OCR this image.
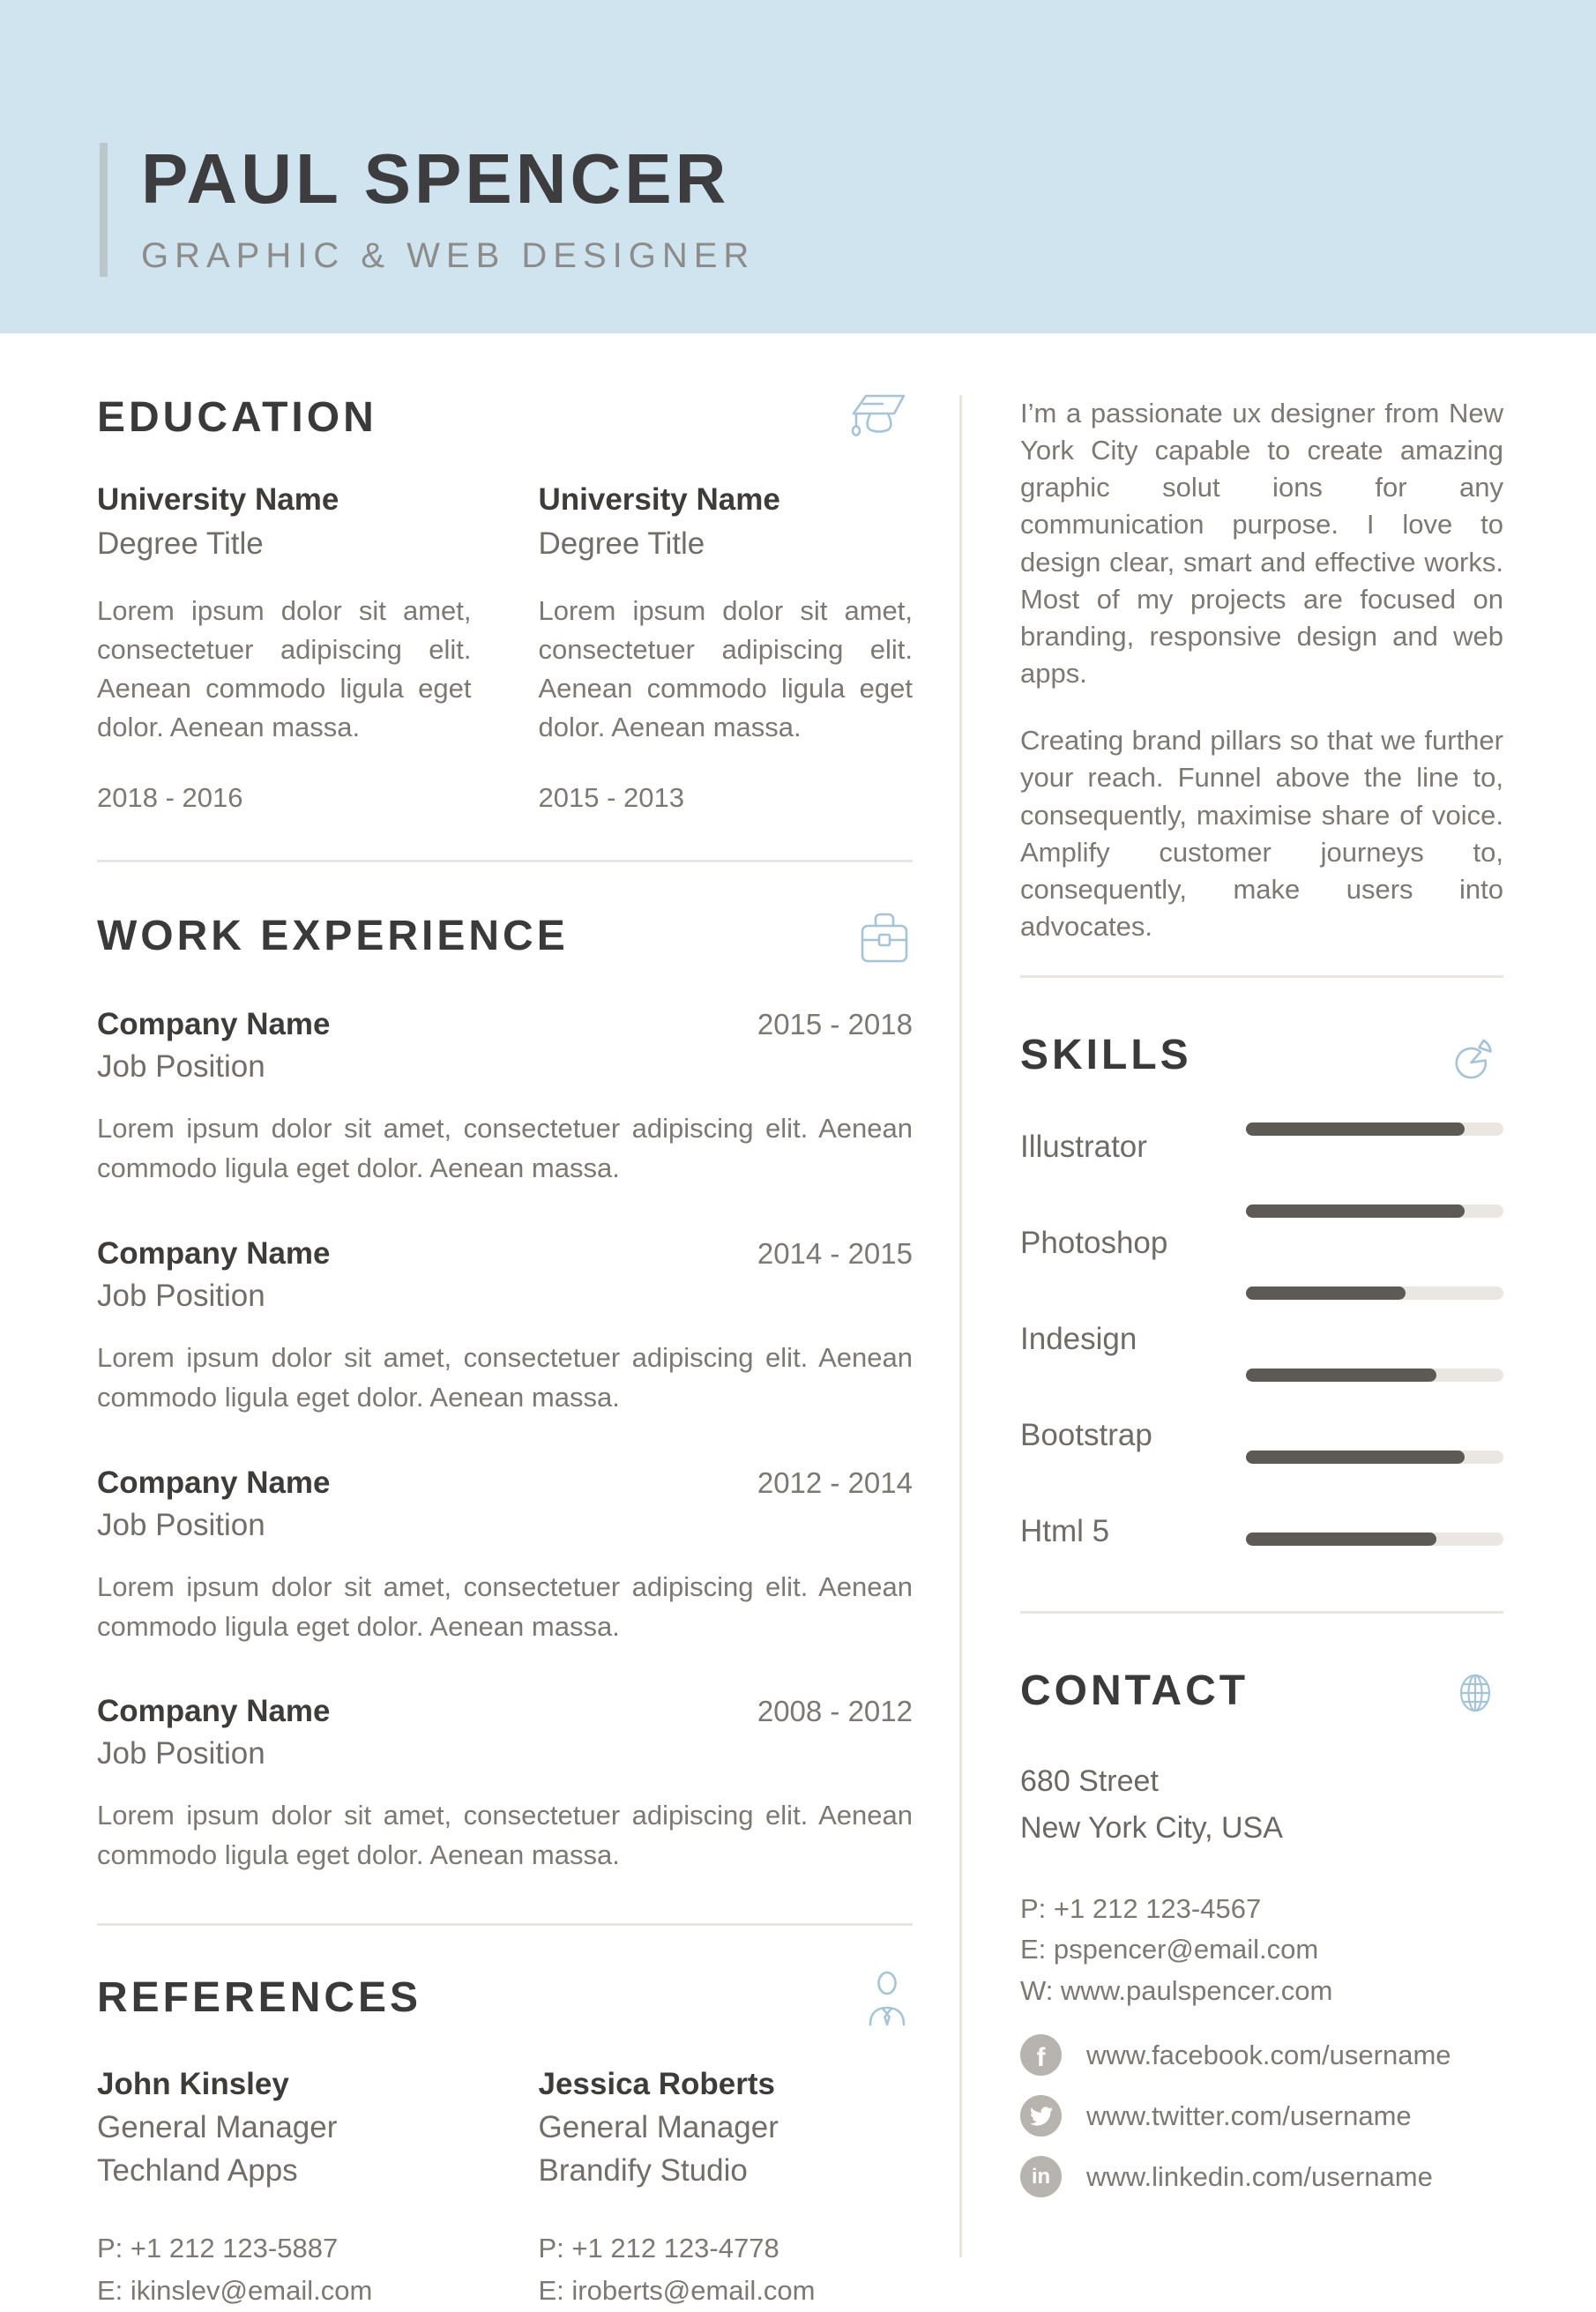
PAUL SPENCER
GRAPHIC & WEB DESIGNER
EDUCATION
University Name
Degree Title
Lorem ipsum dolor sit amet, consectetuer adipiscing elit. Aenean commodo ligula eget dolor. Aenean massa.
2018 - 2016
University Name
Degree Title
Lorem ipsum dolor sit amet, consectetuer adipiscing elit. Aenean commodo ligula eget dolor. Aenean massa.
2015 - 2013
WORK EXPERIENCE
Company Name	2015 - 2018
Job Position
Lorem ipsum dolor sit amet, consectetuer adipiscing elit. Aenean commodo ligula eget dolor. Aenean massa.
Company Name	2014 - 2015
Job Position
Lorem ipsum dolor sit amet, consectetuer adipiscing elit. Aenean commodo ligula eget dolor. Aenean massa.
Company Name	2012 - 2014
Job Position
Lorem ipsum dolor sit amet, consectetuer adipiscing elit. Aenean commodo ligula eget dolor. Aenean massa.
Company Name	2008 - 2012
Job Position
Lorem ipsum dolor sit amet, consectetuer adipiscing elit. Aenean commodo ligula eget dolor. Aenean massa.
REFERENCES
John Kinsley
General Manager
Techland Apps
P: +1 212 123-5887
E: ikinslev@email.com
Jessica Roberts
General Manager
Brandify Studio
P: +1 212 123-4778
E: iroberts@email.com

I’m a passionate ux designer from New York City capable to create amazing graphic solut ions for any communication purpose. I love to design clear, smart and effective works. Most of my projects are focused on branding, responsive design and web apps.

Creating brand pillars so that we further your reach. Funnel above the line to, consequently, maximise share of voice. Amplify customer journeys to, consequently, make users into advocates.

SKILLS
Illustrator
Photoshop
Indesign
Bootstrap
Html 5
CONTACT
680 Street
New York City, USA
P: +1 212 123-4567
E: pspencer@email.com
W: www.paulspencer.com
f www.facebook.com/username
www.twitter.com/username
in www.linkedin.com/username
